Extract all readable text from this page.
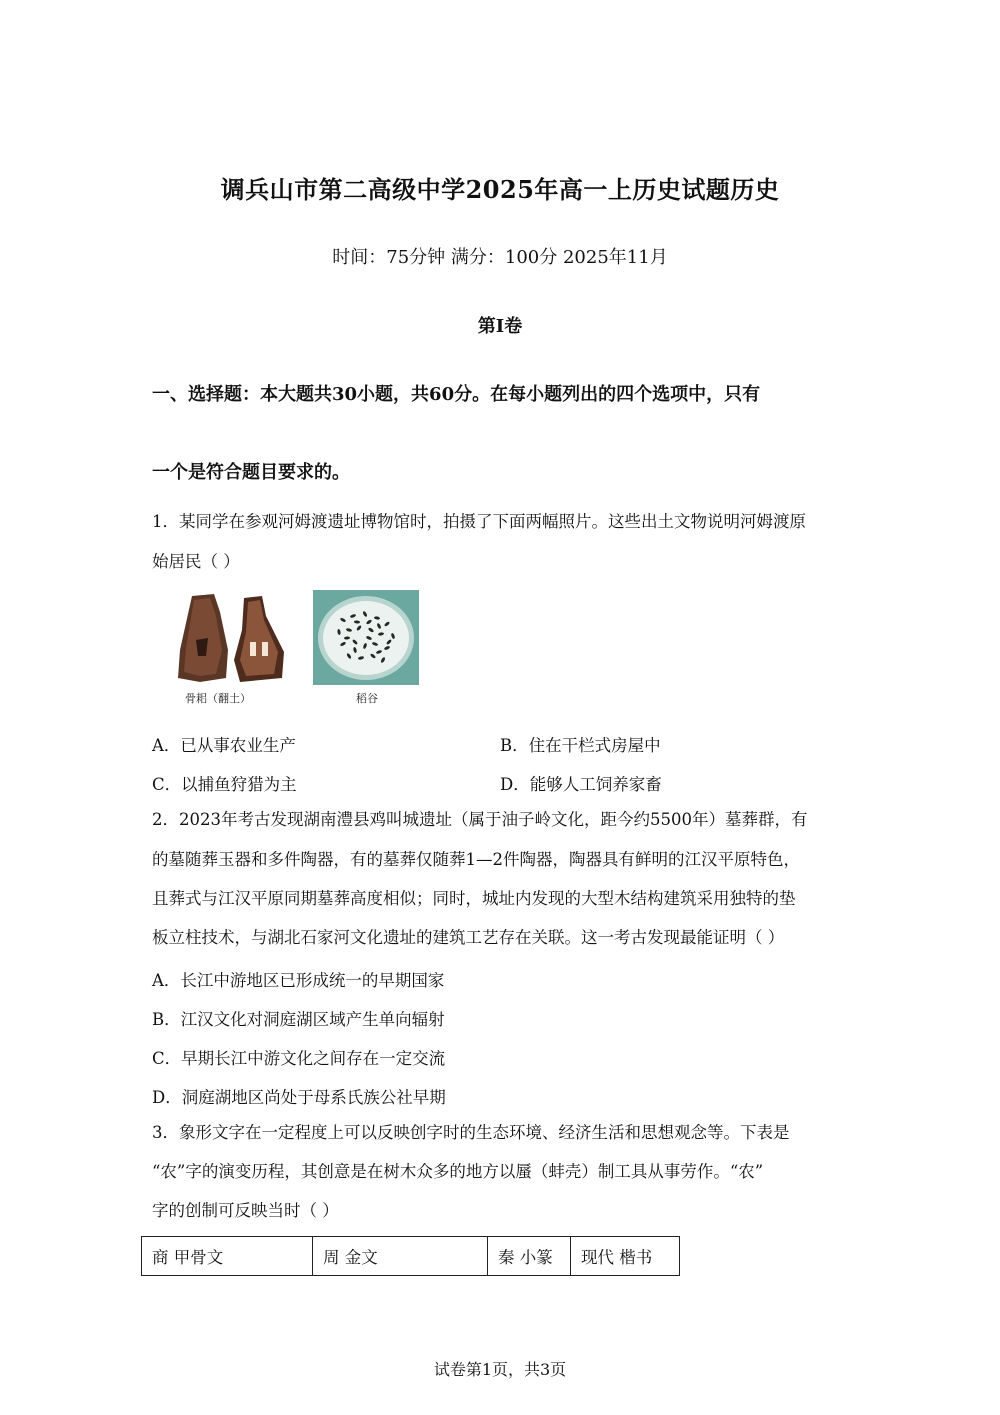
调兵山市第二高级中学2025年高一上历史试题历史
时间：75分钟 满分：100分 2025年11月
第I卷
一、选择题：本大题共30小题，共60分。在每小题列出的四个选项中，只有
一个是符合题目要求的。
1．某同学在参观河姆渡遗址博物馆时，拍摄了下面两幅照片。这些出土文物说明河姆渡原
始居民（ ）
骨耜（翻土）	稻谷
A．已从事农业生产	B．住在干栏式房屋中
C．以捕鱼狩猎为主	D．能够人工饲养家畜
2．2023年考古发现湖南澧县鸡叫城遗址（属于油子岭文化，距今约5500年）墓葬群，有
的墓随葬玉器和多件陶器，有的墓葬仅随葬1—2件陶器，陶器具有鲜明的江汉平原特色，
且葬式与江汉平原同期墓葬高度相似；同时，城址内发现的大型木结构建筑采用独特的垫
板立柱技术，与湖北石家河文化遗址的建筑工艺存在关联。这一考古发现最能证明（ ）
A．长江中游地区已形成统一的早期国家
B．江汉文化对洞庭湖区域产生单向辐射
C．早期长江中游文化之间存在一定交流
D．洞庭湖地区尚处于母系氏族公社早期
3．象形文字在一定程度上可以反映创字时的生态环境、经济生活和思想观念等。下表是
“农”字的演变历程，其创意是在树木众多的地方以蜃（蚌壳）制工具从事劳作。“农”
字的创制可反映当时（ ）
商 甲骨文	周 金文	秦 小篆	现代 楷书
试卷第1页，共3页
